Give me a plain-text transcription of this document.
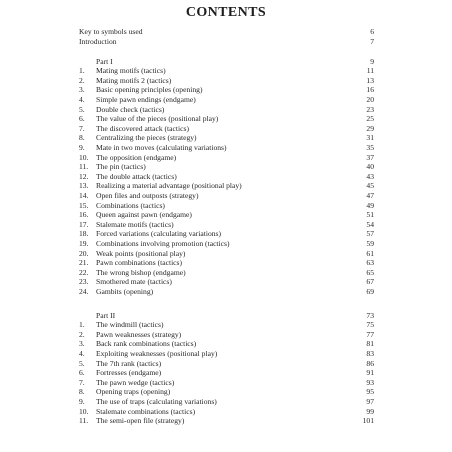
CONTENTS
Key to symbols used	6
Introduction	7
Part I	9
1.	Mating motifs (tactics)	11
2.	Mating motifs 2 (tactics)	13
3.	Basic opening principles (opening)	16
4.	Simple pawn endings (endgame)	20
5.	Double check (tactics)	23
6.	The value of the pieces (positional play)	25
7.	The discovered attack (tactics)	29
8.	Centralizing the pieces (strategy)	31
9.	Mate in two moves (calculating variations)	35
10. The opposition (endgame)	37
11.	The pin (tactics)	40
12. The double attack (tactics)	43
13. Realizing a material advantage (positional play)	45
14. Open files and outposts (strategy)	47
15. Combinations (tactics)	49
16. Queen against pawn (endgame)	51
17. Stalemate motifs (tactics)	54
18. Forced variations (calculating variations)	57
19. Combinations involving promotion (tactics)	59
20. Weak points (positional play)	61
21. Pawn combinations (tactics)	63
22. The wrong bishop (endgame)	65
23. Smothered mate (tactics)	67
24. Gambits (opening)	69
Part II	73
1.	The windmill (tactics)	75
2.	Pawn weaknesses (strategy)	77
3.	Back rank combinations (tactics)	81
4.	Exploiting weaknesses (positional play)	83
5.	The 7th rank (tactics)	86
6.	Fortresses (endgame)	91
7.	The pawn wedge (tactics)	93
8.	Opening traps (opening)	95
9.	The use of traps (calculating variations)	97
10. Stalemate combinations (tactics)	99
11.	The semi-open file (strategy)	101
